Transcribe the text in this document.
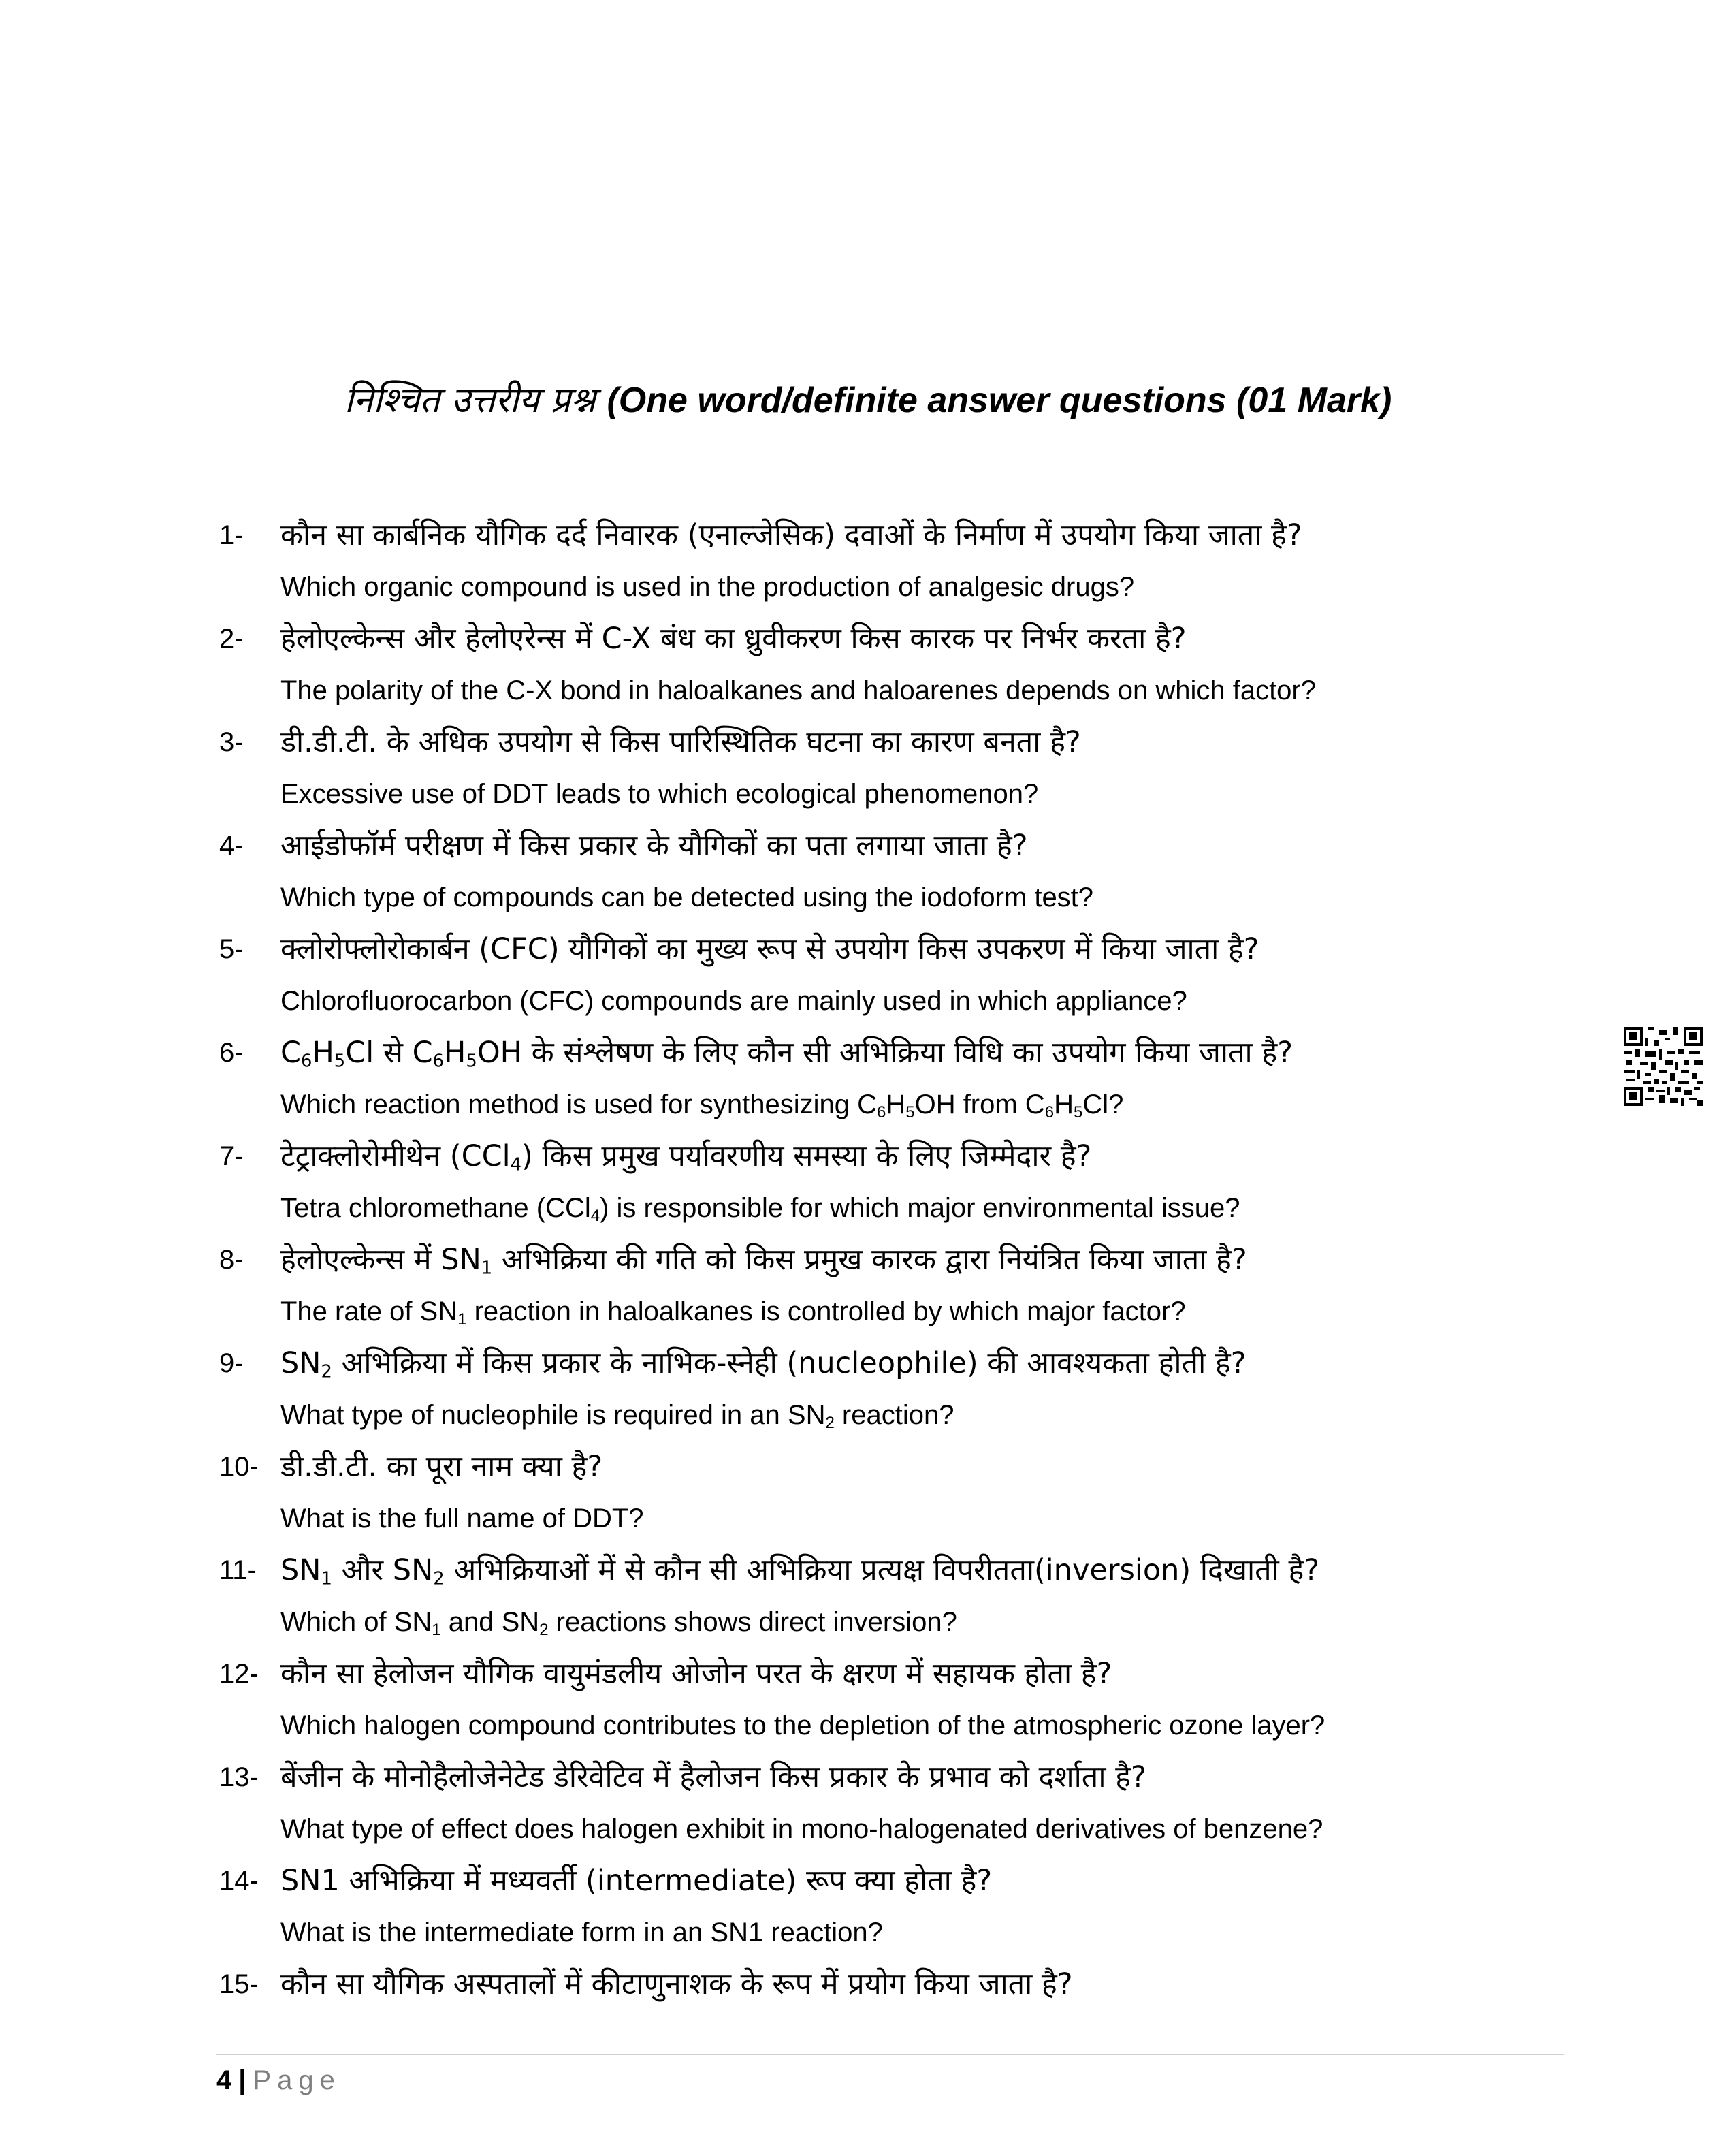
निश्चित उत्तरीय प्रश्न (One word/definite answer questions (01 Mark)
1-	कौन सा कार्बनिक यौगिक दर्द निवारक (एनाल्जेसिक) दवाओं के निर्माण में उपयोग किया जाता है?
Which organic compound is used in the production of analgesic drugs?
2-	हेलोएल्केन्स और हेलोएरेन्स में C-X बंध का ध्रुवीकरण किस कारक पर निर्भर करता है?
The polarity of the C-X bond in haloalkanes and haloarenes depends on which factor?
3-	डी.डी.टी. के अधिक उपयोग से किस पारिस्थितिक घटना का कारण बनता है?
Excessive use of DDT leads to which ecological phenomenon?
4-	आईडोफॉर्म परीक्षण में किस प्रकार के यौगिकों का पता लगाया जाता है?
Which type of compounds can be detected using the iodoform test?
5-	क्लोरोफ्लोरोकार्बन (CFC) यौगिकों का मुख्य रूप से उपयोग किस उपकरण में किया जाता है?
Chlorofluorocarbon (CFC) compounds are mainly used in which appliance?
6-	$C_6H_5Cl$ से $C_6H_5OH$ के संश्लेषण के लिए कौन सी अभिक्रिया विधि का उपयोग किया जाता है?
Which reaction method is used for synthesizing $C_6H_5OH$ from $C_6H_5Cl$?
7-	टेट्राक्लोरोमीथेन (CCl$_4$) किस प्रमुख पर्यावरणीय समस्या के लिए जिम्मेदार है?
Tetra chloromethane (CCl$_4$) is responsible for which major environmental issue?
8-	हेलोएल्केन्स में $SN_1$ अभिक्रिया की गति को किस प्रमुख कारक द्वारा नियंत्रित किया जाता है?
The rate of $SN_1$ reaction in haloalkanes is controlled by which major factor?
9-	$SN_2$ अभिक्रिया में किस प्रकार के नाभिक-स्नेही (nucleophile) की आवश्यकता होती है?
What type of nucleophile is required in an $SN_2$ reaction?
10- डी.डी.टी. का पूरा नाम क्या है?
What is the full name of DDT?
11- $SN_1$ और $SN_2$ अभिक्रियाओं में से कौन सी अभिक्रिया प्रत्यक्ष विपरीतता(inversion) दिखाती है?
Which of $SN_1$ and $SN_2$ reactions shows direct inversion?
12- कौन सा हेलोजन यौगिक वायुमंडलीय ओजोन परत के क्षरण में सहायक होता है?
Which halogen compound contributes to the depletion of the atmospheric ozone layer?
13- बेंजीन के मोनोहैलोजेनेटेड डेरिवेटिव में हैलोजन किस प्रकार के प्रभाव को दर्शाता है?
What type of effect does halogen exhibit in mono-halogenated derivatives of benzene?
14- SN1 अभिक्रिया में मध्यवर्ती (intermediate) रूप क्या होता है?
What is the intermediate form in an SN1 reaction?
15- कौन सा यौगिक अस्पतालों में कीटाणुनाशक के रूप में प्रयोग किया जाता है?
4 | Page
